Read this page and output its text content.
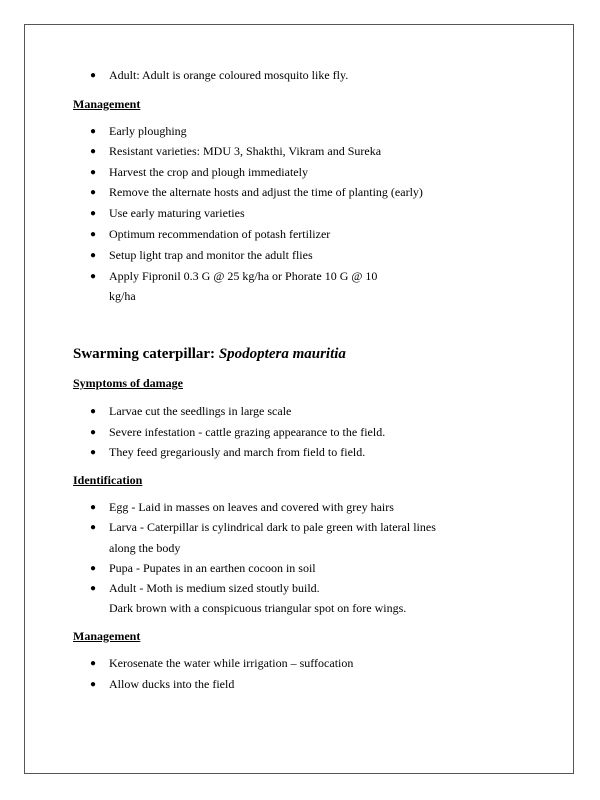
● Adult: Adult is orange coloured mosquito like fly.
Management
● Early ploughing
● Resistant varieties: MDU 3, Shakthi, Vikram and Sureka
● Harvest the crop and plough immediately
● Remove the alternate hosts and adjust the time of planting (early)
● Use early maturing varieties
● Optimum recommendation of potash fertilizer
● Setup light trap and monitor the adult flies
● Apply Fipronil 0.3 G @ 25 kg/ha or Phorate 10 G @ 10
kg/ha
Swarming caterpillar: Spodoptera mauritia
Symptoms of damage
● Larvae cut the seedlings in large scale
● Severe infestation - cattle grazing appearance to the field.
● They feed gregariously and march from field to field.
Identification
● Egg - Laid in masses on leaves and covered with grey hairs
● Larva - Caterpillar is cylindrical dark to pale green with lateral lines
along the body
● Pupa - Pupates in an earthen cocoon in soil
● Adult - Moth is medium sized stoutly build.
Dark brown with a conspicuous triangular spot on fore wings.
Management
● Kerosenate the water while irrigation – suffocation
● Allow ducks into the field
